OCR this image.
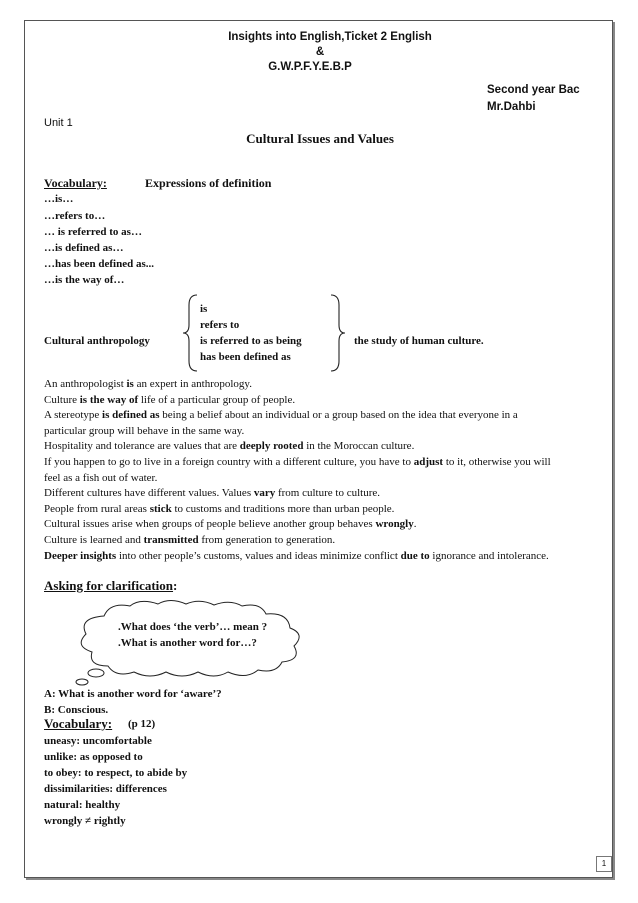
Insights into English,Ticket 2 English
&
G.W.P.F.Y.E.B.P
Second year Bac
Mr.Dahbi
Unit 1
Cultural Issues and Values
Vocabulary:	Expressions of definition
…is…
…refers to…
… is referred to as…
…is defined as…
…has been defined as...
…is the way of…
is
refers to
is referred to as being
has been defined as
Cultural anthropology	the study of human culture.
An anthropologist is an expert in anthropology.
Culture is the way of life of a particular group of people.
A stereotype is defined as being a belief about an individual or a group based on the idea that everyone in a
particular group will behave in the same way.
Hospitality and tolerance are values that are deeply rooted in the Moroccan culture.
If you happen to go to live in a foreign country with a different culture, you have to adjust to it, otherwise you will
feel as a fish out of water.
Different cultures have different values. Values vary from culture to culture.
People from rural areas stick to customs and traditions more than urban people.
Cultural issues arise when groups of people believe another group behaves wrongly.
Culture is learned and transmitted from generation to generation.
Deeper insights into other people’s customs, values and ideas minimize conflict due to ignorance and intolerance.
Asking for clarification:
.What does ‘the verb’… mean ?
.What is another word for…?
A: What is another word for ‘aware’?
B: Conscious.
Vocabulary: (p 12)
uneasy: uncomfortable
unlike: as opposed to
to obey: to respect, to abide by
dissimilarities: differences
natural: healthy
wrongly ≠ rightly
1
